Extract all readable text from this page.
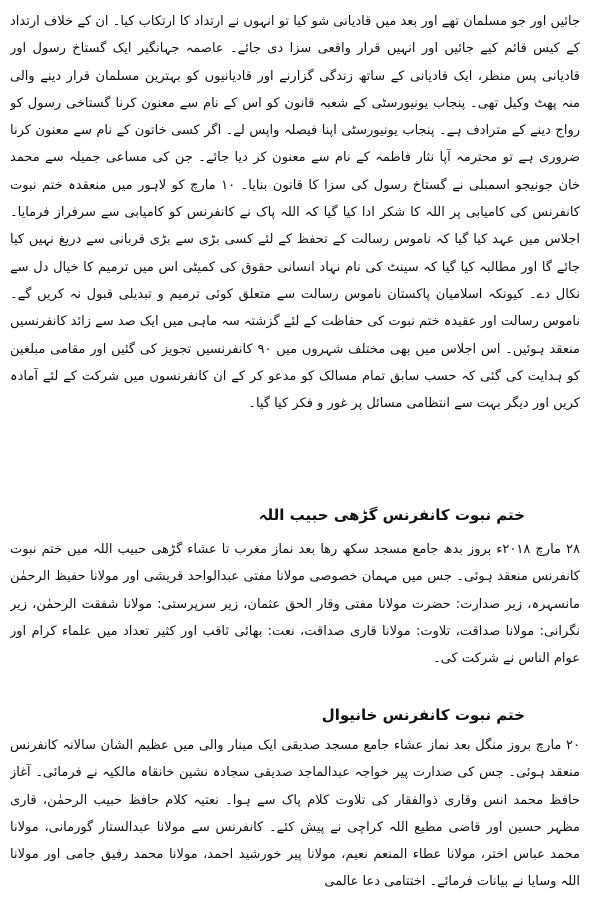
جائیں اور جو مسلمان تھے اور بعد میں قادیانی شو کیا تو انہوں نے ارتداد کا ارتکاب کیا۔ ان کے خلاف ارتداد کے کیس قائم کیے جائیں اور انہیں قرار واقعی سزا دی جائے۔ عاصمہ جہانگیر ایک گستاخ رسول اور قادیانی پس منظر، ایک قادیانی کے ساتھ زندگی گزارنے اور قادیانیوں کو بہترین مسلمان قرار دینے والی منہ پھٹ وکیل تھی۔ پنجاب یونیورسٹی کے شعبہ قانون کو اس کے نام سے معنون کرنا گستاخی رسول کو رواج دینے کے مترادف ہے۔ پنجاب یونیورسٹی اپنا فیصلہ واپس لے۔ اگر کسی خاتون کے نام سے معنون کرنا ضروری ہے تو محترمہ آپا نثار فاطمہ کے نام سے معنون کر دیا جائے۔ جن کی مساعی جمیلہ سے محمد خان جونیجو اسمبلی نے گستاخ رسول کی سزا کا قانون بنایا۔ ۱۰ مارچ کو لاہور میں منعقدہ ختم نبوت کانفرنس کی کامیابی پر اللہ کا شکر ادا کیا گیا کہ اللہ پاک نے کانفرنس کو کامیابی سے سرفراز فرمایا۔ اجلاس میں عہد کیا گیا کہ ناموس رسالت کے تحفظ کے لئے کسی بڑی سے بڑی قربانی سے دریغ نہیں کیا جائے گا اور مطالبہ کیا گیا کہ سینٹ کی نام نہاد انسانی حقوق کی کمیٹی اس میں ترمیم کا خیال دل سے نکال دے۔ کیونکہ اسلامیان پاکستان ناموس رسالت سے متعلق کوئی ترمیم و تبدیلی قبول نہ کریں گے۔ ناموس رسالت اور عقیدہ ختم نبوت کی حفاظت کے لئے گزشتہ سہ ماہی میں ایک صد سے زائد کانفرنسیں منعقد ہوئیں۔ اس اجلاس میں بھی مختلف شہروں میں ۹۰ کانفرنسیں تجویز کی گئیں اور مقامی مبلغین کو ہدایت کی گئی کہ حسب سابق تمام مسالک کو مدعو کر کے ان کانفرنسوں میں شرکت کے لئے آمادہ کریں اور دیگر بہت سے انتظامی مسائل پر غور و فکر کیا گیا۔

ختم نبوت کانفرنس گڑھی حبیب اللہ

۲۸ مارچ ۲۰۱۸ء بروز بدھ جامع مسجد سکھ رها بعد نماز مغرب تا عشاء گڑھی حبیب اللہ میں ختم نبوت کانفرنس منعقد ہوئی۔ جس میں مہمان خصوصی مولانا مفتی عبدالواحد قریشی اور مولانا حفیظ الرحمٰن مانسہرہ، زیر صدارت: حضرت مولانا مفتی وقار الحق عثمان، زیر سرپرستی: مولانا شفقت الرحمٰن، زیر نگرانی: مولانا صداقت، تلاوت: مولانا قاری صداقت، نعت: بھائی ثاقب اور کثیر تعداد میں علماء کرام اور عوام الناس نے شرکت کی۔

ختم نبوت کانفرنس خانیوال

۲۰ مارچ بروز منگل بعد نماز عشاء جامع مسجد صدیقی ایک مینار والی میں عظیم الشان سالانہ کانفرنس منعقد ہوئی۔ جس کی صدارت پیر خواجہ عبدالماجد صدیقی سجادہ نشین خانقاہ مالکیہ نے فرمائی۔ آغاز حافظ محمد انس وقاری ذوالفقار کی تلاوت کلام پاک سے ہوا۔ نعتیہ کلام حافظ حبیب الرحمٰن، قاری مظہر حسین اور قاضی مطیع اللہ کراچی نے پیش کئے۔ کانفرنس سے مولانا عبدالستار گورمانی، مولانا محمد عباس اختر، مولانا عطاء المنعم نعیم، مولانا پیر خورشید احمد، مولانا محمد رفیق جامی اور مولانا اللہ وسایا نے بیانات فرمائے۔ اختتامی دعا عالمی
